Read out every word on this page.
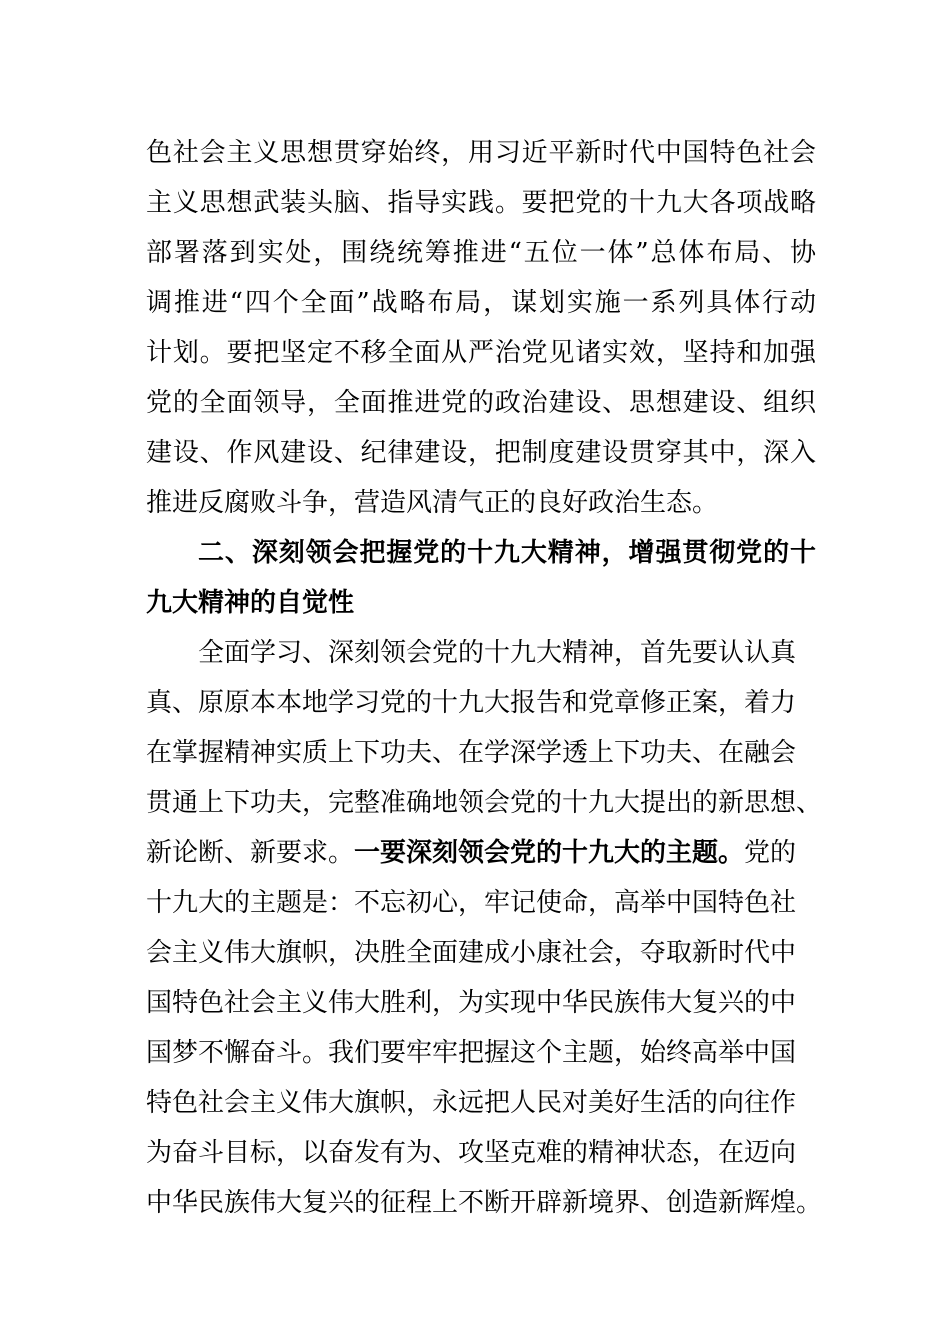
色社会主义思想贯穿始终，用习近平新时代中国特色社会
主义思想武装头脑、指导实践。要把党的十九大各项战略
部署落到实处，围绕统筹推进“五位一体”总体布局、协
调推进“四个全面”战略布局，谋划实施一系列具体行动
计划。要把坚定不移全面从严治党见诸实效，坚持和加强
党的全面领导，全面推进党的政治建设、思想建设、组织
建设、作风建设、纪律建设，把制度建设贯穿其中，深入
推进反腐败斗争，营造风清气正的良好政治生态。
二、深刻领会把握党的十九大精神，增强贯彻党的十
九大精神的自觉性
全面学习、深刻领会党的十九大精神，首先要认认真
真、原原本本地学习党的十九大报告和党章修正案，着力
在掌握精神实质上下功夫、在学深学透上下功夫、在融会
贯通上下功夫，完整准确地领会党的十九大提出的新思想、
新论断、新要求。一要深刻领会党的十九大的主题。党的
十九大的主题是：不忘初心，牢记使命，高举中国特色社
会主义伟大旗帜，决胜全面建成小康社会，夺取新时代中
国特色社会主义伟大胜利，为实现中华民族伟大复兴的中
国梦不懈奋斗。我们要牢牢把握这个主题，始终高举中国
特色社会主义伟大旗帜，永远把人民对美好生活的向往作
为奋斗目标，以奋发有为、攻坚克难的精神状态，在迈向
中华民族伟大复兴的征程上不断开辟新境界、创造新辉煌。
